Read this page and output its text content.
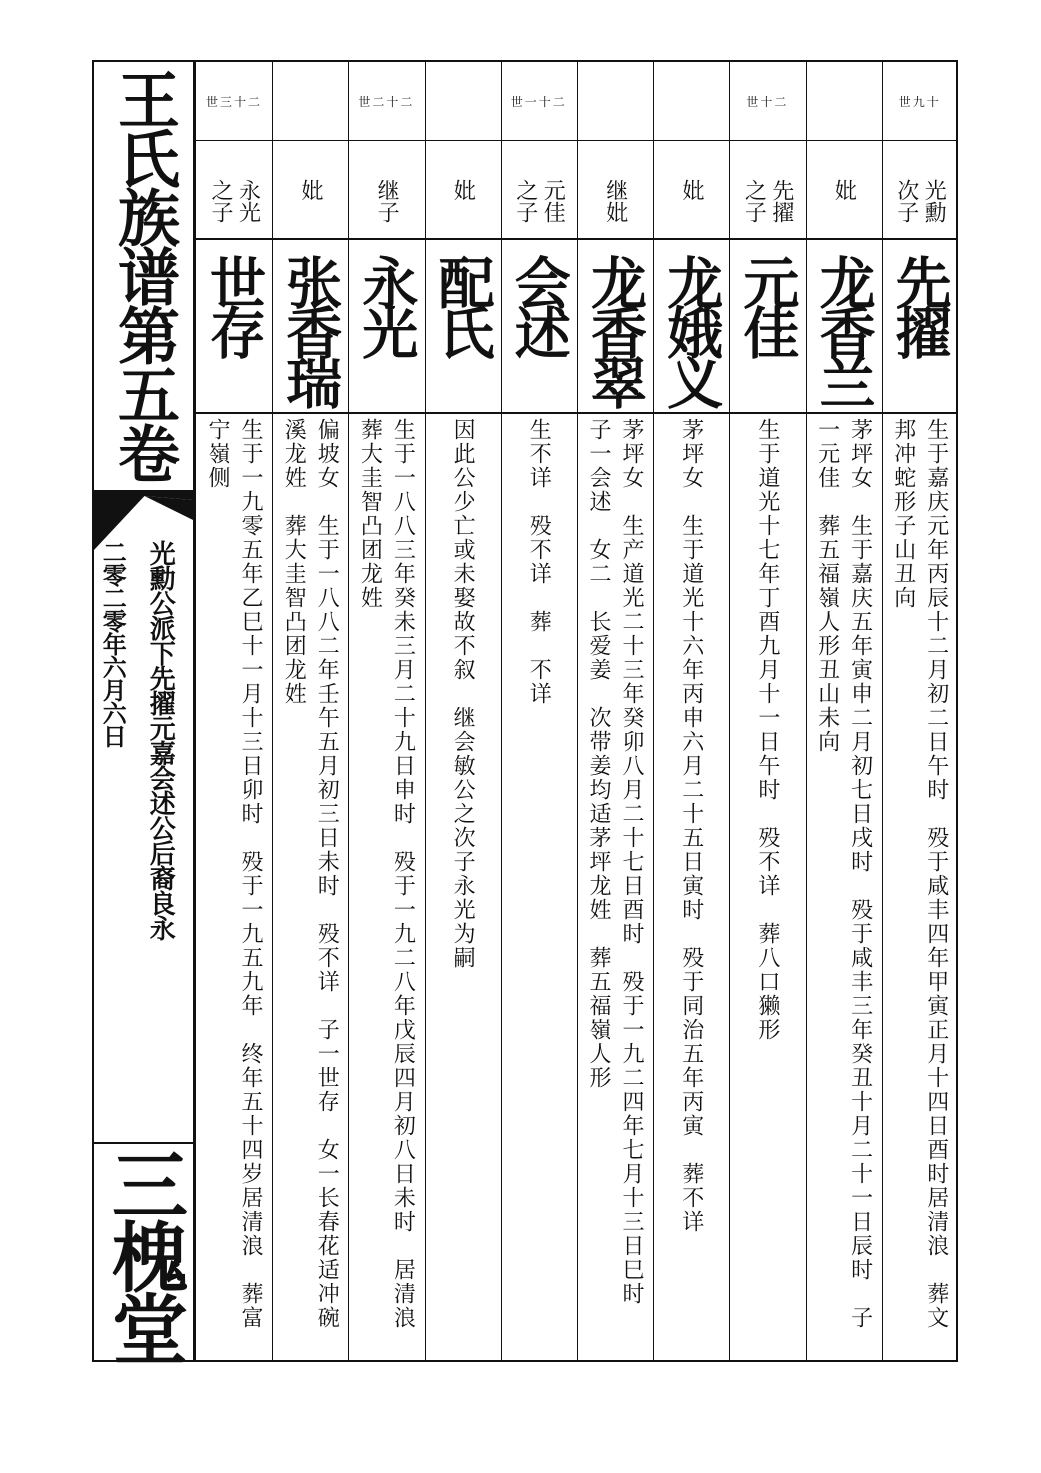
王氏族谱第五卷
光勳公派下先擢元嘉会述公后裔良永
二零二零年六月六日
三槐堂
世九十
光勳次子
先擢
生于嘉庆元年丙辰十二月初二日午时　殁于咸丰四年甲寅正月十四日酉时居清浪　葬文邦冲蛇形子山丑向
妣
龙香兰
茅坪女　生于嘉庆五年寅申二月初七日戌时　殁于咸丰三年癸丑十月二十一日辰时　子一元佳　葬五福嶺人形丑山未向
世十二
先擢之子
元佳
生于道光十七年丁酉九月十一日午时　殁不详　葬八口獭形
妣
龙娥义
茅坪女　生于道光十六年丙申六月二十五日寅时　殁于同治五年丙寅　葬不详
继妣
龙香翠
茅坪女　生产道光二十三年癸卯八月二十七日酉时　殁于一九二四年七月十三日巳时　子一会述　女二　长爱姜　次带姜均适茅坪龙姓　葬五福嶺人形
世一十二
元佳之子
会述
生不详　殁不详　葬　不详
妣
配氏
因此公少亡或未娶故不叙　继会敏公之次子永光为嗣
世二十二
继子
永光
生于一八八三年癸未三月二十九日申时　殁于一九二八年戊辰四月初八日未时　居清浪　葬大圭智凸团龙姓
妣
张香瑞
偏坡女　生于一八八二年壬午五月初三日未时　殁不详　子一世存　女一长春花适冲碗溪龙姓　葬大圭智凸团龙姓
世三十二
永光之子
世存
生于一九零五年乙巳十一月十三日卯时　殁于一九五九年　终年五十四岁居清浪　葬富宁嶺侧
